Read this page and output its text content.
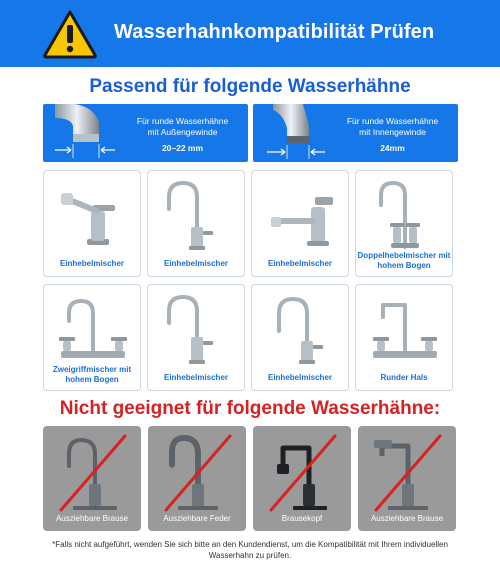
Wasserhahnkompatibilität Prüfen
Passend für folgende Wasserhähne
Für runde Wasserhähne
mit Außengewinde
20–22 mm
Für runde Wasserhähne
mit Innengewinde
24mm
Einhebelmischer	Einhebelmischer	Einhebelmischer
Doppelhebelmischer mit hohem Bogen
Zweigriffmischer mit hohem Bogen	Einhebelmischer	Einhebelmischer	Runder Hals
Nicht geeignet für folgende Wasserhähne:
Ausziehbare Brause	Ausziehbare Feder	Brausekopf	Ausziehbare Brause
*Falls nicht aufgeführt, wenden Sie sich bitte an den Kundendienst, um die Kompatibilität mit Ihrem individuellen Wasserhahn zu prüfen.
